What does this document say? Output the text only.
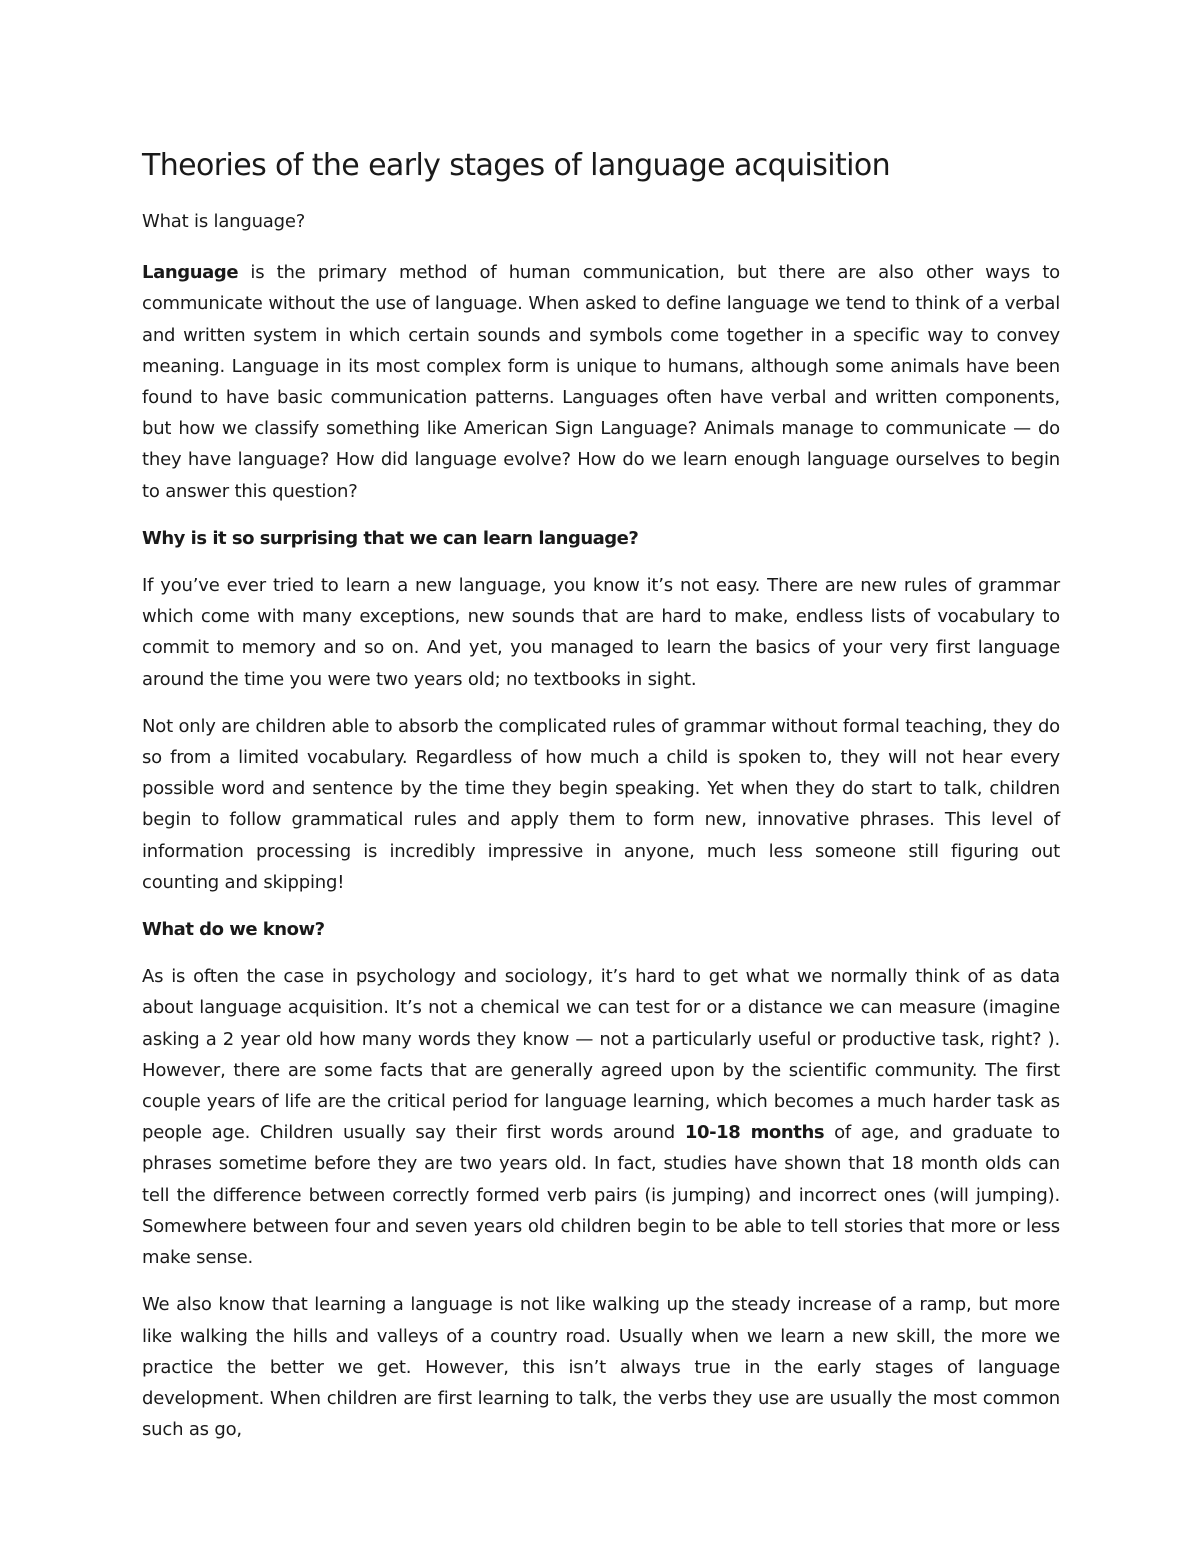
Theories of the early stages of language acquisition

What is language?

Language is the primary method of human communication, but there are also other ways to communicate without the use of language. When asked to define language we tend to think of a verbal and written system in which certain sounds and symbols come together in a specific way to convey meaning. Language in its most complex form is unique to humans, although some animals have been found to have basic communication patterns. Languages often have verbal and written components, but how we classify something like American Sign Language? Animals manage to communicate — do they have language? How did language evolve? How do we learn enough language ourselves to begin to answer this question?

Why is it so surprising that we can learn language?

If you’ve ever tried to learn a new language, you know it’s not easy. There are new rules of grammar which come with many exceptions, new sounds that are hard to make, endless lists of vocabulary to commit to memory and so on. And yet, you managed to learn the basics of your very first language around the time you were two years old; no textbooks in sight.

Not only are children able to absorb the complicated rules of grammar without formal teaching, they do so from a limited vocabulary. Regardless of how much a child is spoken to, they will not hear every possible word and sentence by the time they begin speaking. Yet when they do start to talk, children begin to follow grammatical rules and apply them to form new, innovative phrases. This level of information processing is incredibly impressive in anyone, much less someone still figuring out counting and skipping!

What do we know?

As is often the case in psychology and sociology, it’s hard to get what we normally think of as data about language acquisition. It’s not a chemical we can test for or a distance we can measure (imagine asking a 2 year old how many words they know — not a particularly useful or productive task, right? ). However, there are some facts that are generally agreed upon by the scientific community. The first couple years of life are the critical period for language learning, which becomes a much harder task as people age. Children usually say their first words around 10-18 months of age, and graduate to phrases sometime before they are two years old. In fact, studies have shown that 18 month olds can tell the difference between correctly formed verb pairs (is jumping) and incorrect ones (will jumping). Somewhere between four and seven years old children begin to be able to tell stories that more or less make sense.

We also know that learning a language is not like walking up the steady increase of a ramp, but more like walking the hills and valleys of a country road. Usually when we learn a new skill, the more we practice the better we get. However, this isn’t always true in the early stages of language development. When children are first learning to talk, the verbs they use are usually the most common such as go,
